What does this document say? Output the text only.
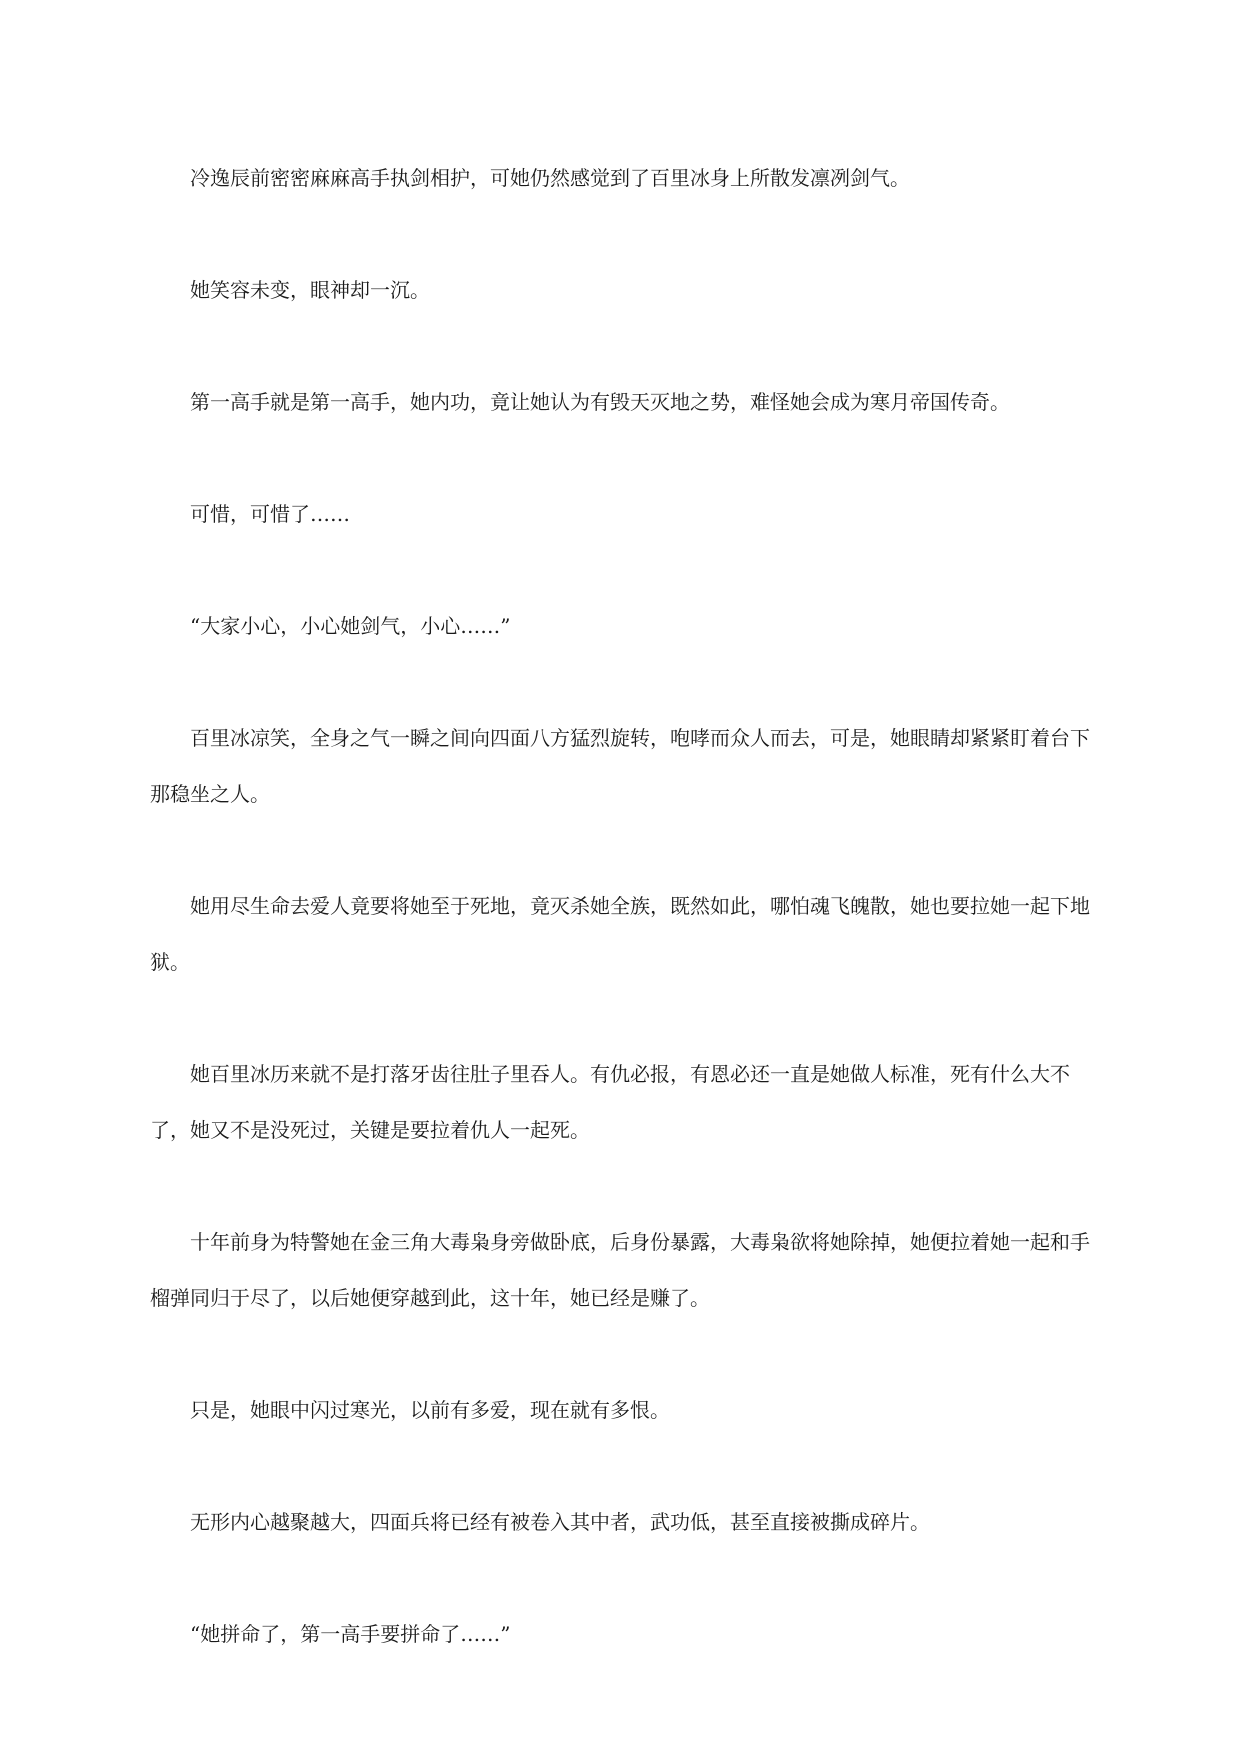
冷逸辰前密密麻麻高手执剑相护，可她仍然感觉到了百里冰身上所散发凛冽剑气。

她笑容未变，眼神却一沉。

第一高手就是第一高手，她内功，竟让她认为有毁天灭地之势，难怪她会成为寒月帝国传奇。

可惜，可惜了……

“大家小心，小心她剑气，小心……”

百里冰凉笑，全身之气一瞬之间向四面八方猛烈旋转，咆哮而众人而去，可是，她眼睛却紧紧盯着台下那稳坐之人。

她用尽生命去爱人竟要将她至于死地，竟灭杀她全族，既然如此，哪怕魂飞魄散，她也要拉她一起下地狱。

她百里冰历来就不是打落牙齿往肚子里吞人。有仇必报，有恩必还一直是她做人标准，死有什么大不了，她又不是没死过，关键是要拉着仇人一起死。

十年前身为特警她在金三角大毒枭身旁做卧底，后身份暴露，大毒枭欲将她除掉，她便拉着她一起和手榴弹同归于尽了，以后她便穿越到此，这十年，她已经是赚了。

只是，她眼中闪过寒光，以前有多爱，现在就有多恨。

无形内心越聚越大，四面兵将已经有被卷入其中者，武功低，甚至直接被撕成碎片。

“她拼命了，第一高手要拼命了……”
